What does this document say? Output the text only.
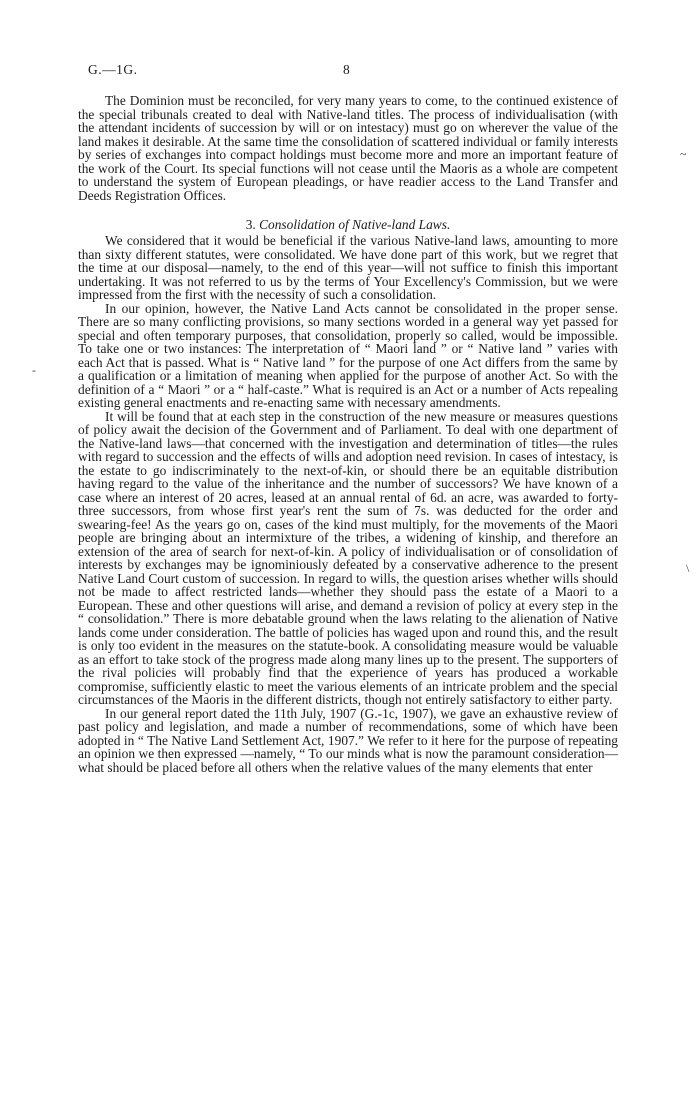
G.—1G.	8

The Dominion must be reconciled, for very many years to come, to the continued existence of the special tribunals created to deal with Native-land titles. The process of individualisation (with the attendant incidents of succession by will or on intestacy) must go on wherever the value of the land makes it desirable. At the same time the consolidation of scattered individual or family interests by series of exchanges into compact holdings must become more and more an important feature of the work of the Court. Its special functions will not cease until the Maoris as a whole are competent to understand the system of European pleadings, or have readier access to the Land Transfer and Deeds Registration Offices.

3. Consolidation of Native-land Laws.

We considered that it would be beneficial if the various Native-land laws, amounting to more than sixty different statutes, were consolidated. We have done part of this work, but we regret that the time at our disposal—namely, to the end of this year—will not suffice to finish this important undertaking. It was not referred to us by the terms of Your Excellency's Commission, but we were impressed from the first with the necessity of such a consolidation.

In our opinion, however, the Native Land Acts cannot be consolidated in the proper sense. There are so many conflicting provisions, so many sections worded in a general way yet passed for special and often temporary purposes, that consolidation, properly so called, would be impossible. To take one or two instances: The interpretation of “ Maori land ” or “ Native land ” varies with each Act that is passed. What is “ Native land ” for the purpose of one Act differs from the same by a qualification or a limitation of meaning when applied for the purpose of another Act. So with the definition of a “ Maori ” or a “ half-caste.” What is required is an Act or a number of Acts repealing existing general enactments and re-enacting same with necessary amendments.

It will be found that at each step in the construction of the new measure or measures questions of policy await the decision of the Government and of Parliament. To deal with one department of the Native-land laws—that concerned with the investigation and determination of titles—the rules with regard to succession and the effects of wills and adoption need revision. In cases of intestacy, is the estate to go indiscriminately to the next-of-kin, or should there be an equitable distribution having regard to the value of the inheritance and the number of successors? We have known of a case where an interest of 20 acres, leased at an annual rental of 6d. an acre, was awarded to forty-three successors, from whose first year's rent the sum of 7s. was deducted for the order and swearing-fee! As the years go on, cases of the kind must multiply, for the movements of the Maori people are bringing about an intermixture of the tribes, a widening of kinship, and therefore an extension of the area of search for next-of-kin. A policy of individualisation or of consolidation of interests by exchanges may be ignominiously defeated by a conservative adherence to the present Native Land Court custom of succession. In regard to wills, the question arises whether wills should not be made to affect restricted lands—whether they should pass the estate of a Maori to a European. These and other questions will arise, and demand a revision of policy at every step in the “ consolidation.” There is more debatable ground when the laws relating to the alienation of Native lands come under consideration. The battle of policies has waged upon and round this, and the result is only too evident in the measures on the statute-book. A consolidating measure would be valuable as an effort to take stock of the progress made along many lines up to the present. The supporters of the rival policies will probably find that the experience of years has produced a workable compromise, sufficiently elastic to meet the various elements of an intricate problem and the special circumstances of the Maoris in the different districts, though not entirely satisfactory to either party.

In our general report dated the 11th July, 1907 (G.-1c, 1907), we gave an exhaustive review of past policy and legislation, and made a number of recommendations, some of which have been adopted in “ The Native Land Settlement Act, 1907.” We refer to it here for the purpose of repeating an opinion we then expressed —namely, “ To our minds what is now the paramount consideration—what should be placed before all others when the relative values of the many elements that enter

~
-
\
